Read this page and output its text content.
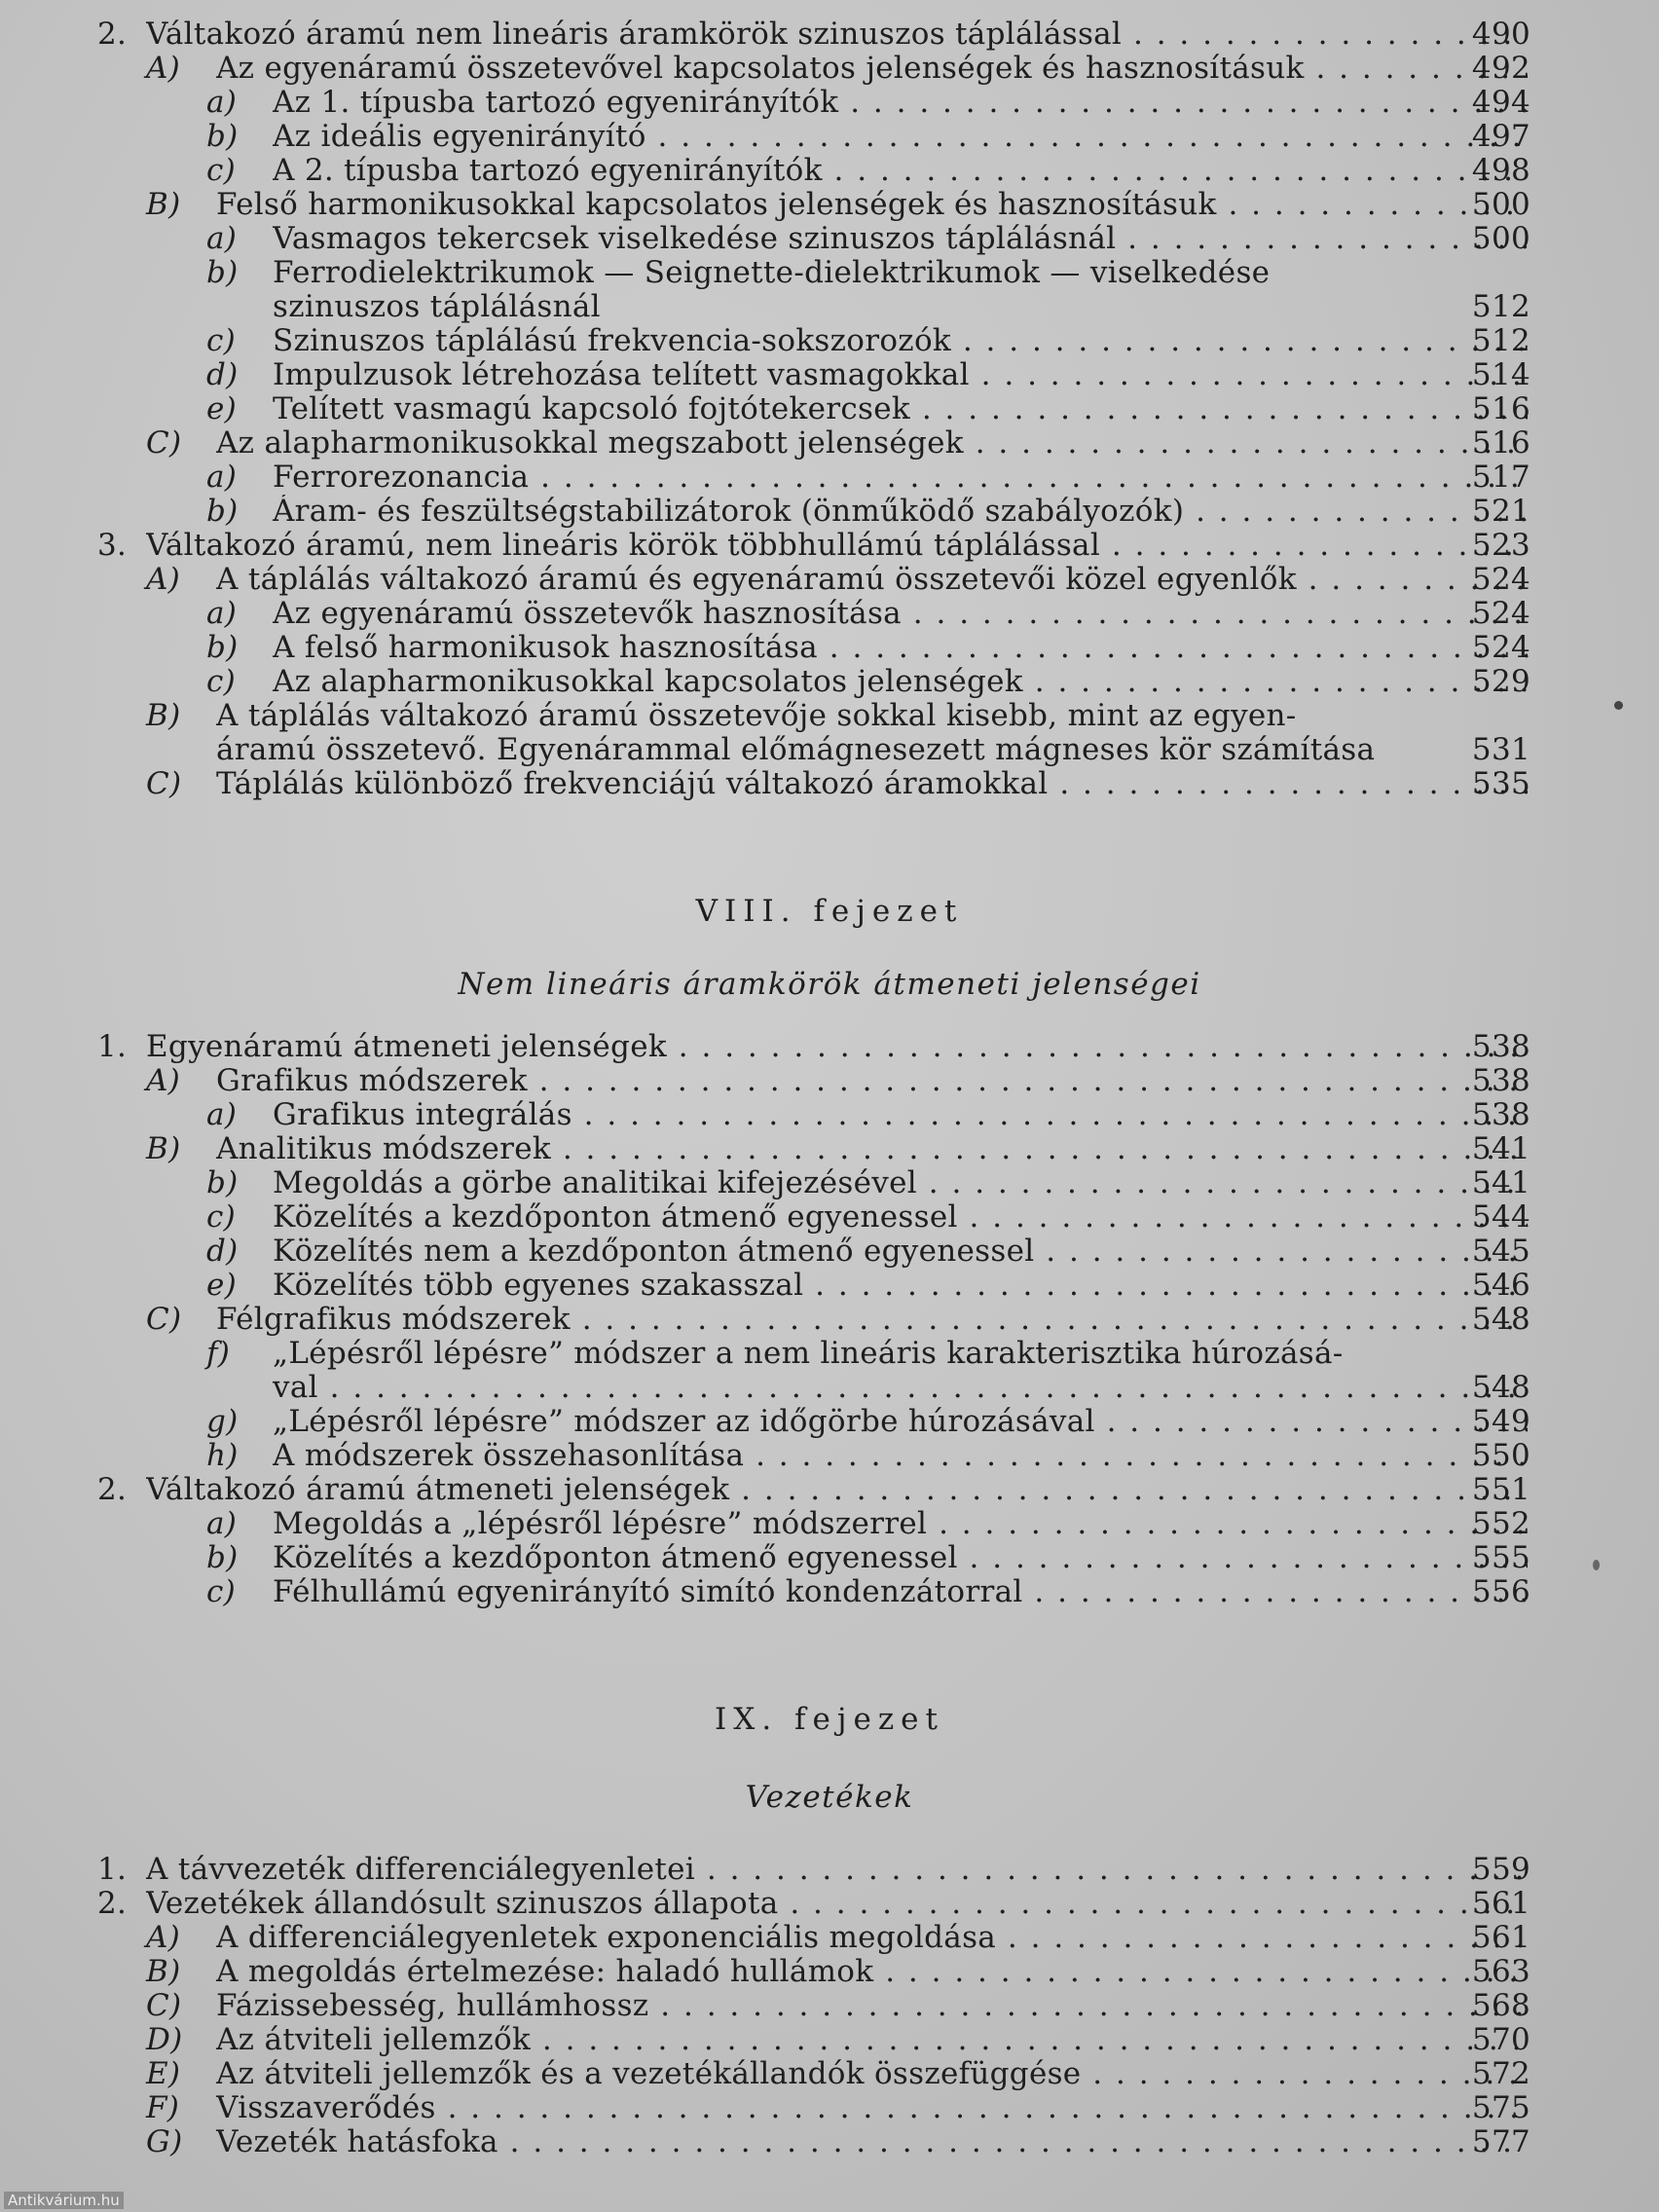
2. Váltakozó áramú nem lineáris áramkörök szinuszos táplálással . . .	490
A) Az egyenáramú összetevővel kapcsolatos jelenségek és hasznosításuk . . .	492
a) Az 1. típusba tartozó egyenirányítók . . .	494
b) Az ideális egyenirányító . . .	497
c) A 2. típusba tartozó egyenirányítók . . .	498
B) Felső harmonikusokkal kapcsolatos jelenségek és hasznosításuk . . .	500
a) Vasmagos tekercsek viselkedése szinuszos táplálásnál . . .	500
b) Ferrodielektrikumok — Seignette-dielektrikumok — viselkedése
szinuszos táplálásnál	512
c) Szinuszos táplálású frekvencia-sokszorozók . . .	512
d) Impulzusok létrehozása telített vasmagokkal . . .	514
e) Telített vasmagú kapcsoló fojtótekercsek . . .	516
C) Az alapharmonikusokkal megszabott jelenségek . . .	516
a) Ferrorezonancia . . .	517
b) Áram- és feszültségstabilizátorok (önműködő szabályozók) . . .	521
3. Váltakozó áramú, nem lineáris körök többhullámú táplálással . . .	523
A) A táplálás váltakozó áramú és egyenáramú összetevői közel egyenlők . . .	524
a) Az egyenáramú összetevők hasznosítása . . .	524
b) A felső harmonikusok hasznosítása . . .	524
c) Az alapharmonikusokkal kapcsolatos jelenségek . . .	529
B) A táplálás váltakozó áramú összetevője sokkal kisebb, mint az egyen-
áramú összetevő. Egyenárammal előmágnesezett mágneses kör számítása	531
C) Táplálás különböző frekvenciájú váltakozó áramokkal . . .	535
VIII. fejezet
Nem lineáris áramkörök átmeneti jelenségei
1. Egyenáramú átmeneti jelenségek . . .	538
A) Grafikus módszerek . . .	538
a) Grafikus integrálás . . .	538
B) Analitikus módszerek . . .	541
b) Megoldás a görbe analitikai kifejezésével . . .	541
c) Közelítés a kezdőponton átmenő egyenessel . . .	544
d) Közelítés nem a kezdőponton átmenő egyenessel . . .	545
e) Közelítés több egyenes szakasszal . . .	546
C) Félgrafikus módszerek . . .	548
f) „Lépésről lépésre” módszer a nem lineáris karakterisztika húrozásá-
val . . .	548
g) „Lépésről lépésre” módszer az időgörbe húrozásával . . .	549
h) A módszerek összehasonlítása . . .	550
2. Váltakozó áramú átmeneti jelenségek . . .	551
a) Megoldás a „lépésről lépésre” módszerrel . . .	552
b) Közelítés a kezdőponton átmenő egyenessel . . .	555
c) Félhullámú egyenirányító simító kondenzátorral . . .	556
IX. fejezet
Vezetékek
1. A távvezeték differenciálegyenletei . . .	559
2. Vezetékek állandósult szinuszos állapota . . .	561
A) A differenciálegyenletek exponenciális megoldása . . .	561
B) A megoldás értelmezése: haladó hullámok . . .	563
C) Fázissebesség, hullámhossz . . .	568
D) Az átviteli jellemzők . . .	570
E) Az átviteli jellemzők és a vezetékállandók összefüggése . . .	572
F) Visszaverődés . . .	575
G) Vezeték hatásfoka . . .	577
Antikvárium.hu
